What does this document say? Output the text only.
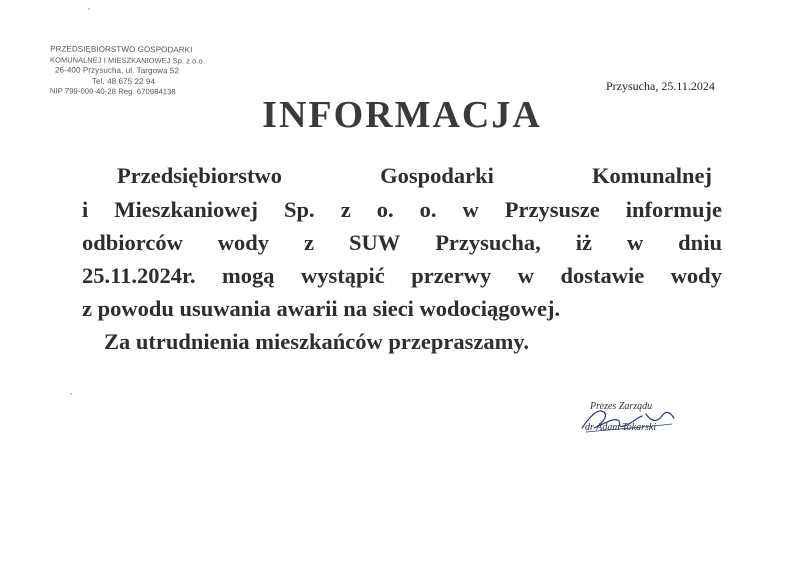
PRZEDSIĘBIORSTWO GOSPODARKI
KOMUNALNEJ I MIESZKANIOWEJ Sp. z o.o.
26-400 Przysucha, ul. Targowa 52
Tel. 48 675 22 94
NIP 799-000-40-28 Reg. 670984138	Przysucha, 25.11.2024
INFORMACJA
Przedsiębiorstwo	Gospodarki	Komunalnej
i Mieszkaniowej Sp. z o. o. w Przysusze informuje
odbiorców wody z SUW Przysucha, iż w dniu
25.11.2024r. mogą wystąpić przerwy w dostawie wody
z powodu usuwania awarii na sieci wodociągowej.
Za utrudnienia mieszkańców przepraszamy.
Prezes Zarządu
dr Adam Tokarski
